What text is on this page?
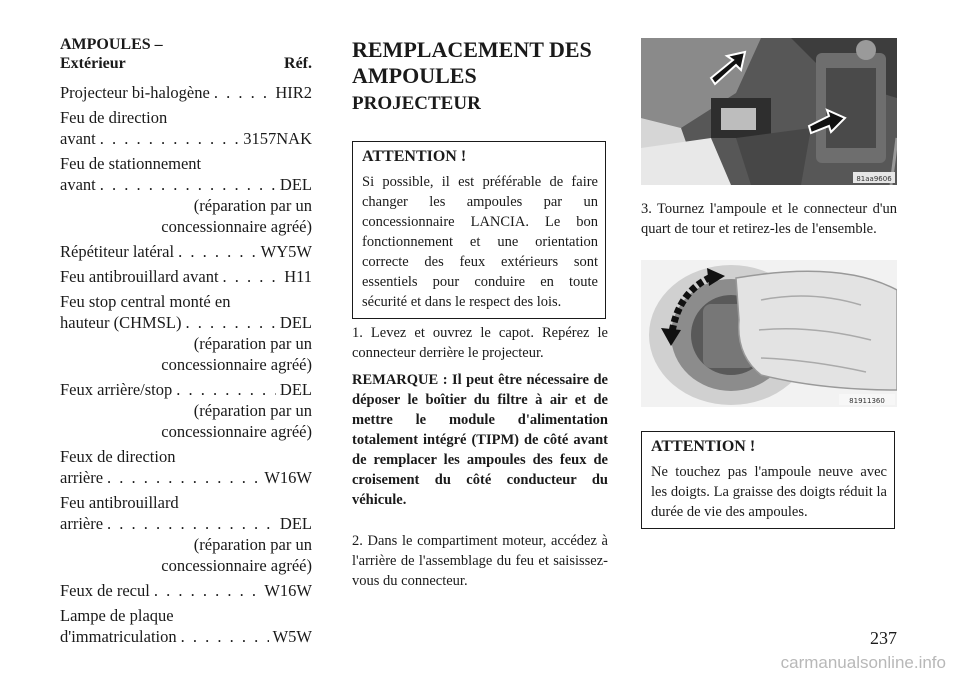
AMPOULES –
Extérieur	Réf.
Projecteur bi-halogène . . .	HIR2
Feu de direction
avant . . .	3157NAK
Feu de stationnement
avant . . .	DEL
(réparation par un
concessionnaire agréé)
Répétiteur latéral . . .	WY5W
Feu antibrouillard avant . . .	H11
Feu stop central monté en
hauteur (CHMSL) . . .	DEL
(réparation par un
concessionnaire agréé)
Feux arrière/stop . . .	DEL
(réparation par un
concessionnaire agréé)
Feux de direction
arrière . . .	W16W
Feu antibrouillard
arrière . . .	DEL
(réparation par un
concessionnaire agréé)
Feux de recul . . .	W16W
Lampe de plaque
d'immatriculation . . .	W5W
REMPLACEMENT DES
AMPOULES
PROJECTEUR
ATTENTION !
Si possible, il est préférable de faire changer les ampoules par un concessionnaire LANCIA. Le bon fonctionnement et une orientation correcte des feux extérieurs sont essentiels pour conduire en toute sécurité et dans le respect des lois.
1. Levez et ouvrez le capot. Repérez le connecteur derrière le projecteur.
REMARQUE : Il peut être nécessaire de déposer le boîtier du filtre à air et de mettre le module d'alimentation totalement intégré (TIPM) de côté avant de remplacer les ampoules des feux de croisement du côté conducteur du véhicule.
2. Dans le compartiment moteur, accédez à l'arrière de l'assemblage du feu et saisissez-vous du connecteur.
81aa9606
3. Tournez l'ampoule et le connecteur d'un quart de tour et retirez-les de l'ensemble.
81911360
ATTENTION !
Ne touchez pas l'ampoule neuve avec les doigts. La graisse des doigts réduit la durée de vie des ampoules.
237
carmanualsonline.info
